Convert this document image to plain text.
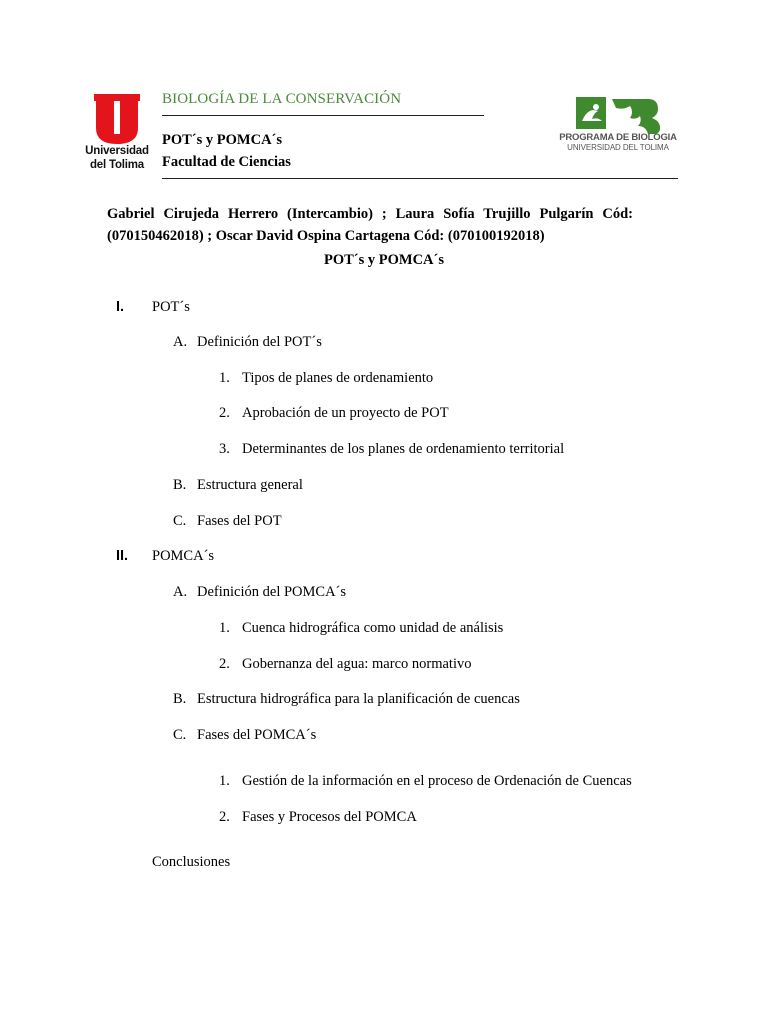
Universidad
del Tolima
BIOLOGÍA DE LA CONSERVACIÓN
POT´s y POMCA´s
Facultad de Ciencias
PROGRAMA DE BIOLOGIA
UNIVERSIDAD DEL TOLIMA
Gabriel Cirujeda Herrero (Intercambio) ; Laura Sofía Trujillo Pulgarín Cód: (070150462018) ; Oscar David Ospina Cartagena Cód: (070100192018)
POT´s y POMCA´s
I. POT´s
A. Definición del POT´s
1. Tipos de planes de ordenamiento
2. Aprobación de un proyecto de POT
3. Determinantes de los planes de ordenamiento territorial
B. Estructura general
C. Fases del POT
II. POMCA´s
A. Definición del POMCA´s
1. Cuenca hidrográfica como unidad de análisis
2. Gobernanza del agua: marco normativo
B. Estructura hidrográfica para la planificación de cuencas
C. Fases del POMCA´s
1. Gestión de la información en el proceso de Ordenación de Cuencas
2. Fases y Procesos del POMCA
Conclusiones
